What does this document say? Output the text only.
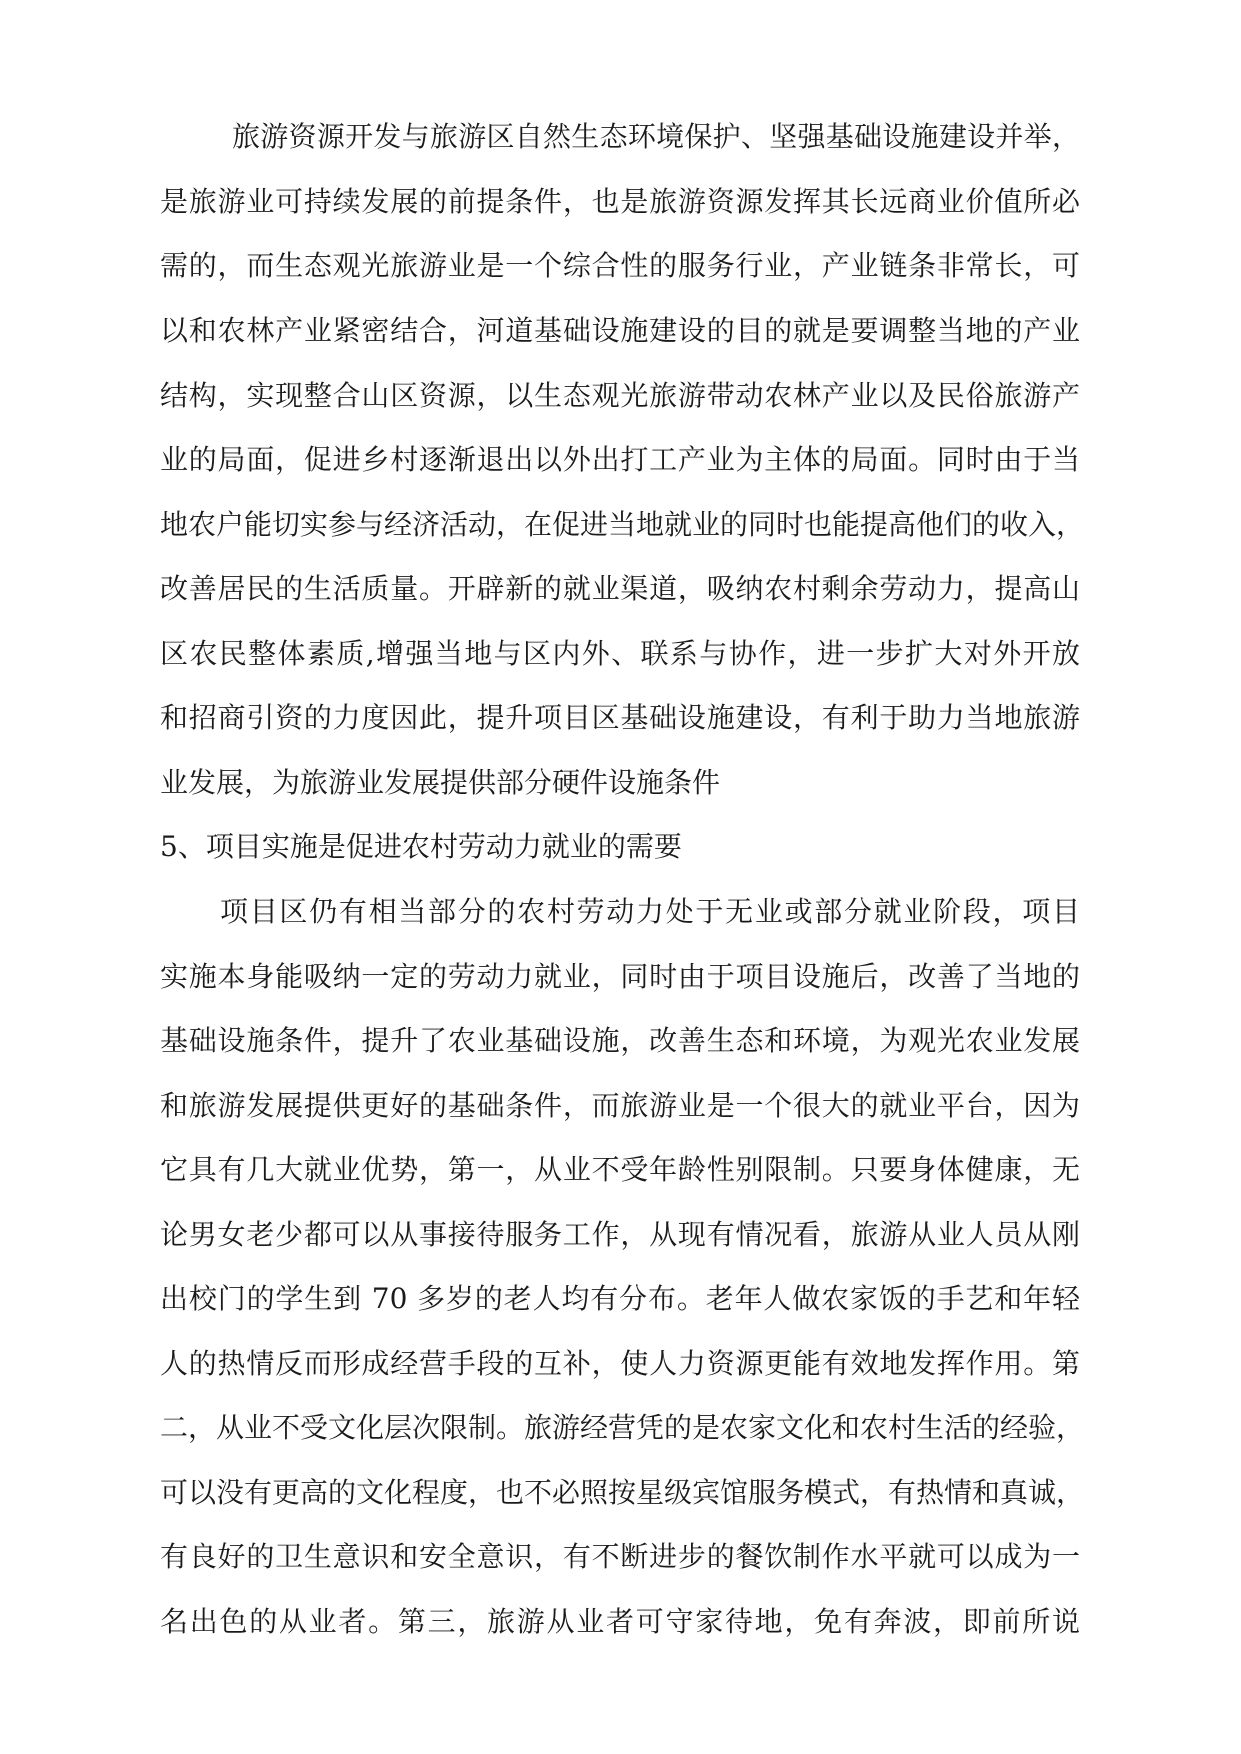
旅游资源开发与旅游区自然生态环境保护、坚强基础设施建设并举，
是旅游业可持续发展的前提条件，也是旅游资源发挥其长远商业价值所必
需的，而生态观光旅游业是一个综合性的服务行业，产业链条非常长，可
以和农林产业紧密结合，河道基础设施建设的目的就是要调整当地的产业
结构，实现整合山区资源，以生态观光旅游带动农林产业以及民俗旅游产
业的局面，促进乡村逐渐退出以外出打工产业为主体的局面。同时由于当
地农户能切实参与经济活动，在促进当地就业的同时也能提高他们的收入，
改善居民的生活质量。开辟新的就业渠道，吸纳农村剩余劳动力，提高山
区农民整体素质,增强当地与区内外、联系与协作，进一步扩大对外开放
和招商引资的力度因此，提升项目区基础设施建设，有利于助力当地旅游
业发展，为旅游业发展提供部分硬件设施条件
5、项目实施是促进农村劳动力就业的需要
项目区仍有相当部分的农村劳动力处于无业或部分就业阶段，项目
实施本身能吸纳一定的劳动力就业，同时由于项目设施后，改善了当地的
基础设施条件，提升了农业基础设施，改善生态和环境，为观光农业发展
和旅游发展提供更好的基础条件，而旅游业是一个很大的就业平台，因为
它具有几大就业优势，第一，从业不受年龄性别限制。只要身体健康，无
论男女老少都可以从事接待服务工作，从现有情况看，旅游从业人员从刚
出校门的学生到 70 多岁的老人均有分布。老年人做农家饭的手艺和年轻
人的热情反而形成经营手段的互补，使人力资源更能有效地发挥作用。第
二，从业不受文化层次限制。旅游经营凭的是农家文化和农村生活的经验，
可以没有更高的文化程度，也不必照按星级宾馆服务模式，有热情和真诚，
有良好的卫生意识和安全意识，有不断进步的餐饮制作水平就可以成为一
名出色的从业者。第三，旅游从业者可守家待地，免有奔波，即前所说
